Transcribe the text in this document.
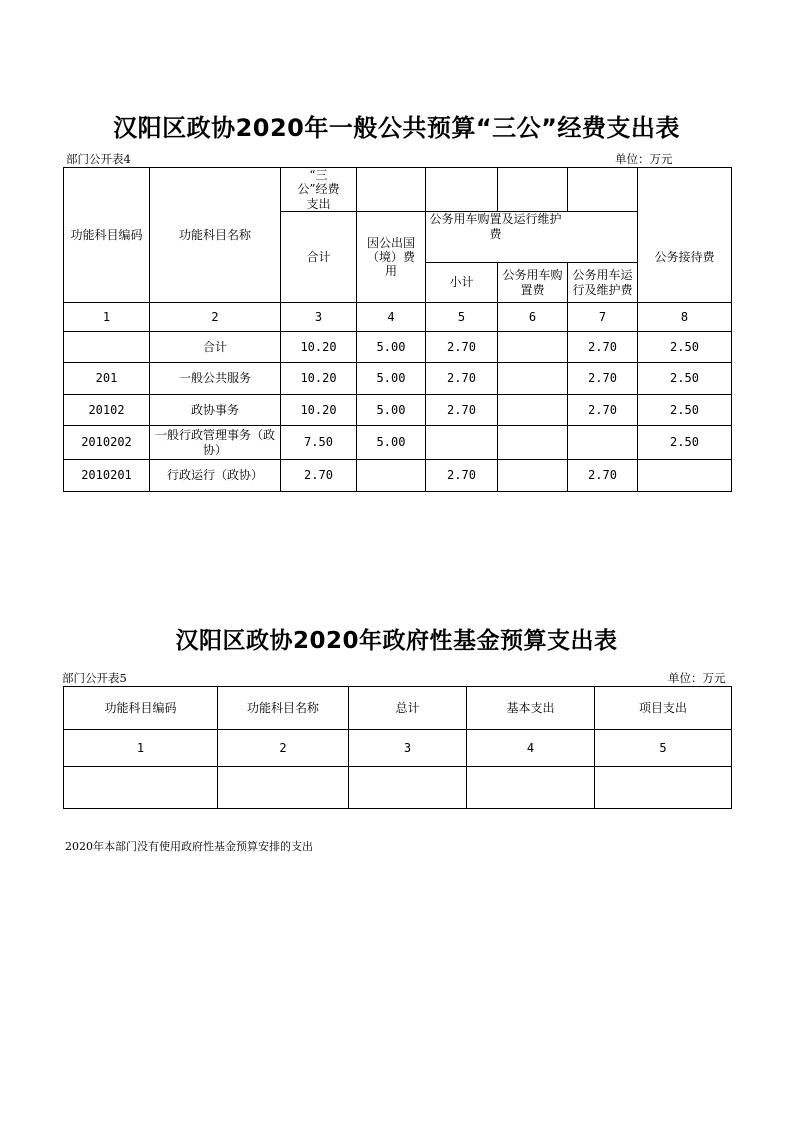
汉阳区政协2020年一般公共预算“三公”经费支出表
部门公开表4	单位：万元
功能科目编码	功能科目名称	“三公”经费支出					
		合计	因公出国（境）费用	公务用车购置及运行维护费			公务接待费
				小计	公务用车购置费	公务用车运行及维护费	
1	2	3	4	5	6	7	8
	合计	10.20	5.00	2.70		2.70	2.50
201	一般公共服务	10.20	5.00	2.70		2.70	2.50
20102	政协事务	10.20	5.00	2.70		2.70	2.50
2010202	一般行政管理事务（政协）	7.50	5.00				2.50
2010201	行政运行（政协）	2.70		2.70		2.70	
汉阳区政协2020年政府性基金预算支出表
部门公开表5	单位：万元
功能科目编码	功能科目名称	总计	基本支出	项目支出
1	2	3	4	5

2020年本部门没有使用政府性基金预算安排的支出
